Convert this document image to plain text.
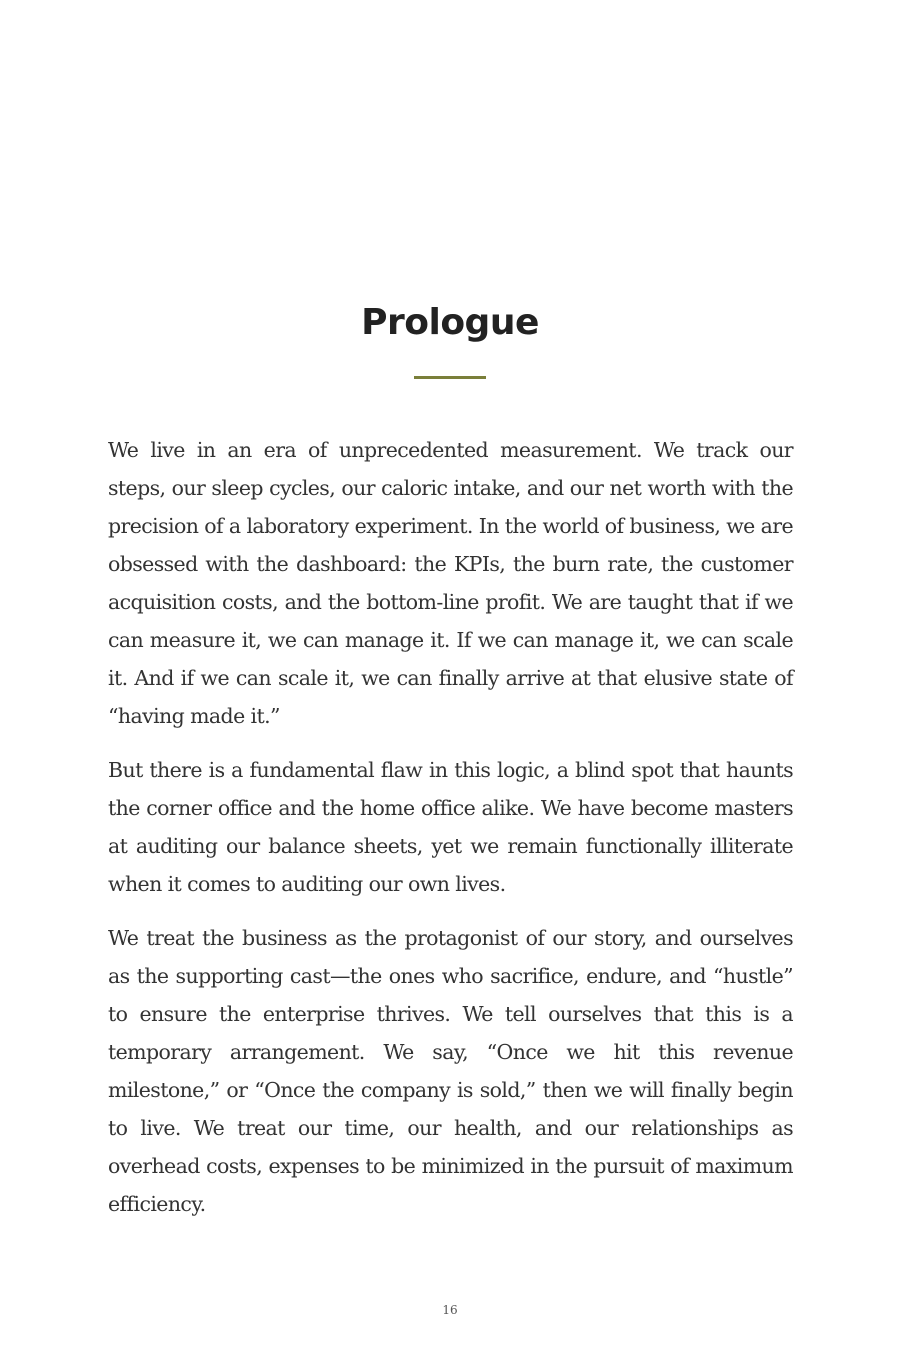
Prologue

We live in an era of unprecedented measurement. We track our steps, our sleep cycles, our caloric intake, and our net worth with the precision of a laboratory experiment. In the world of business, we are obsessed with the dashboard: the KPIs, the burn rate, the customer acquisition costs, and the bottom-line profit. We are taught that if we can measure it, we can manage it. If we can manage it, we can scale it. And if we can scale it, we can finally arrive at that elusive state of “having made it.”

But there is a fundamental flaw in this logic, a blind spot that haunts the corner office and the home office alike. We have become masters at auditing our balance sheets, yet we remain functionally illiterate when it comes to auditing our own lives.

We treat the business as the protagonist of our story, and ourselves as the supporting cast—the ones who sacrifice, endure, and “hustle” to ensure the enterprise thrives. We tell ourselves that this is a temporary arrangement. We say, “Once we hit this revenue milestone,” or “Once the company is sold,” then we will finally begin to live. We treat our time, our health, and our relationships as overhead costs, expenses to be minimized in the pursuit of maximum efficiency.

16
